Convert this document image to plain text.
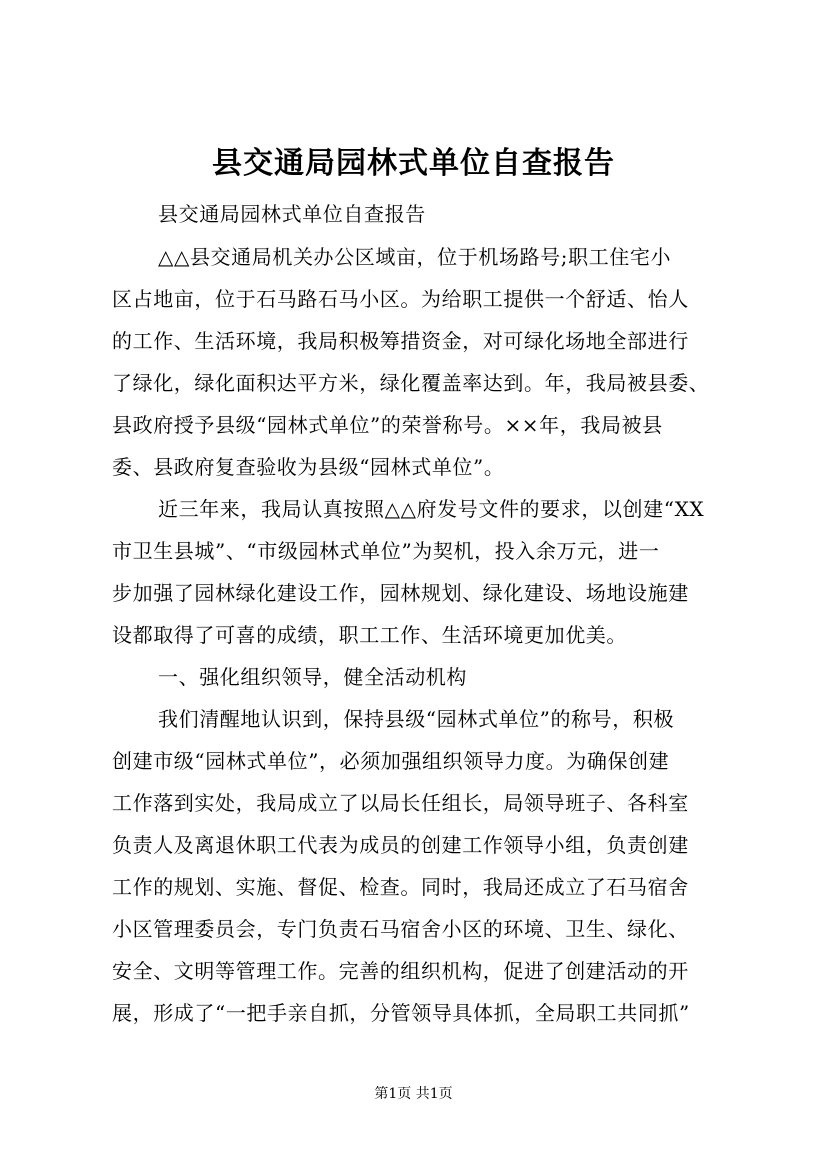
县交通局园林式单位自查报告
县交通局园林式单位自查报告
△△县交通局机关办公区域亩，位于机场路号;职工住宅小
区占地亩，位于石马路石马小区。为给职工提供一个舒适、怡人
的工作、生活环境，我局积极筹措资金，对可绿化场地全部进行
了绿化，绿化面积达平方米，绿化覆盖率达到。年，我局被县委、
县政府授予县级“园林式单位”的荣誉称号。××年，我局被县
委、县政府复查验收为县级“园林式单位”。
近三年来，我局认真按照△△府发号文件的要求，以创建“XX
市卫生县城”、“市级园林式单位”为契机，投入余万元，进一
步加强了园林绿化建设工作，园林规划、绿化建设、场地设施建
设都取得了可喜的成绩，职工工作、生活环境更加优美。
一、强化组织领导，健全活动机构
我们清醒地认识到，保持县级“园林式单位”的称号，积极
创建市级“园林式单位”，必须加强组织领导力度。为确保创建
工作落到实处，我局成立了以局长任组长，局领导班子、各科室
负责人及离退休职工代表为成员的创建工作领导小组，负责创建
工作的规划、实施、督促、检查。同时，我局还成立了石马宿舍
小区管理委员会，专门负责石马宿舍小区的环境、卫生、绿化、
安全、文明等管理工作。完善的组织机构，促进了创建活动的开
展，形成了“一把手亲自抓，分管领导具体抓，全局职工共同抓”
第1页 共1页
